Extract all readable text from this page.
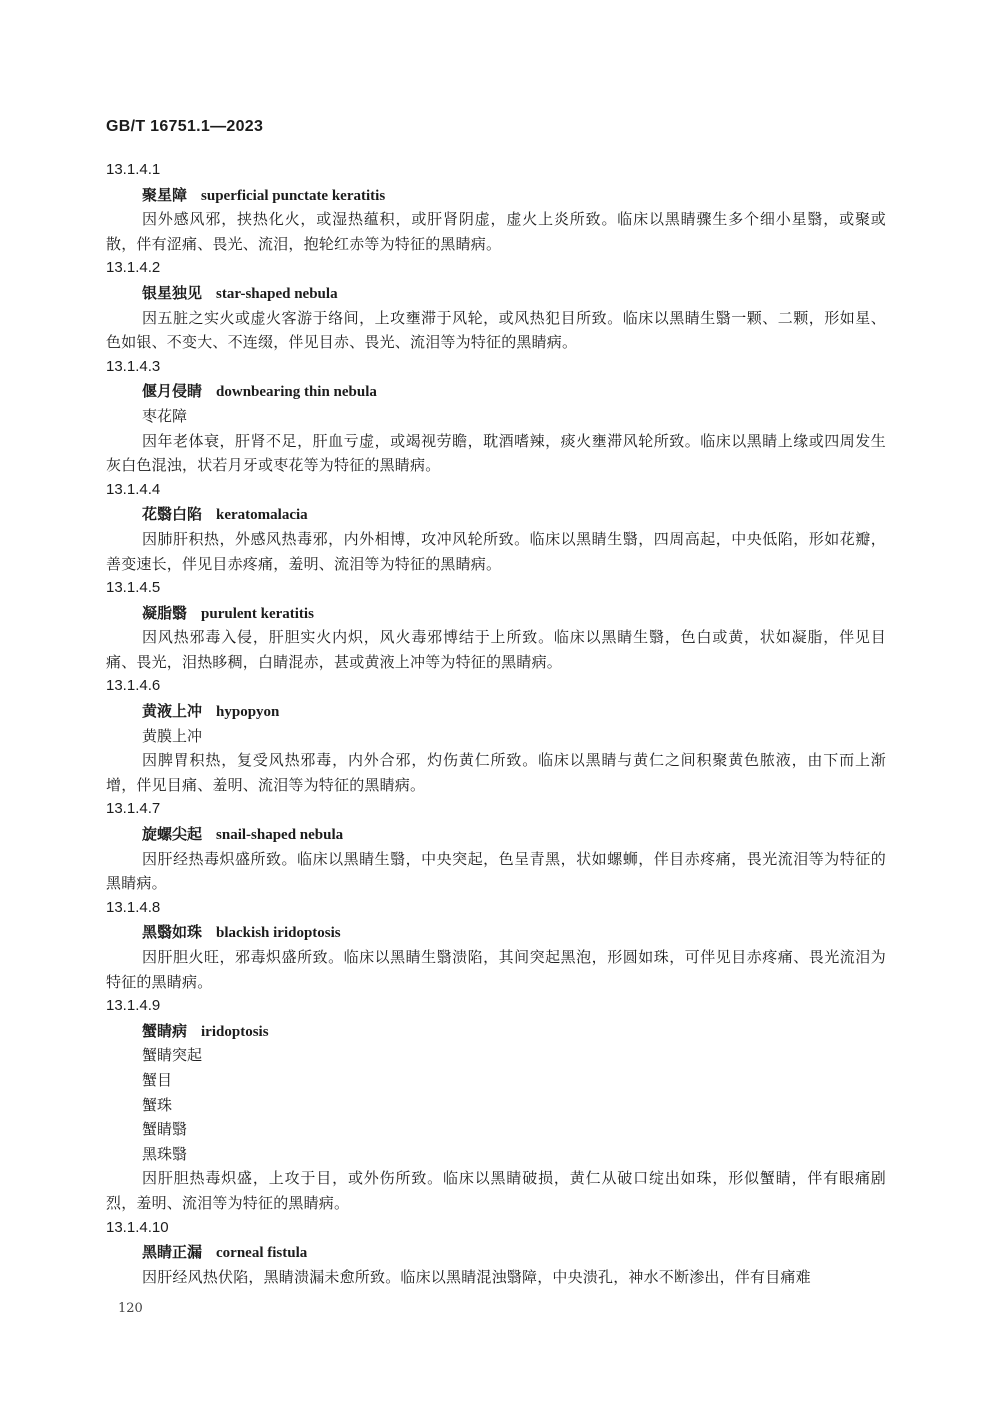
GB/T 16751.1—2023
13.1.4.1
聚星障 superficial punctate keratitis

因外感风邪，挟热化火，或湿热蕴积，或肝肾阴虚，虚火上炎所致。临床以黑睛骤生多个细小星翳，或聚或散，伴有涩痛、畏光、流泪，抱轮红赤等为特征的黑睛病。

13.1.4.2
银星独见 star-shaped nebula

因五脏之实火或虚火客游于络间，上攻壅滞于风轮，或风热犯目所致。临床以黑睛生翳一颗、二颗，形如星、色如银、不变大、不连缀，伴见目赤、畏光、流泪等为特征的黑睛病。

13.1.4.3
偃月侵睛 downbearing thin nebula
枣花障

因年老体衰，肝肾不足，肝血亏虚，或竭视劳瞻，耽酒嗜辣，痰火壅滞风轮所致。临床以黑睛上缘或四周发生灰白色混浊，状若月牙或枣花等为特征的黑睛病。

13.1.4.4
花翳白陷 keratomalacia

因肺肝积热，外感风热毒邪，内外相博，攻冲风轮所致。临床以黑睛生翳，四周高起，中央低陷，形如花瓣，善变速长，伴见目赤疼痛，羞明、流泪等为特征的黑睛病。

13.1.4.5
凝脂翳 purulent keratitis

因风热邪毒入侵，肝胆实火内炽，风火毒邪博结于上所致。临床以黑睛生翳，色白或黄，状如凝脂，伴见目痛、畏光，泪热眵稠，白睛混赤，甚或黄液上冲等为特征的黑睛病。

13.1.4.6
黄液上冲 hypopyon
黄膜上冲

因脾胃积热，复受风热邪毒，内外合邪，灼伤黄仁所致。临床以黑睛与黄仁之间积聚黄色脓液，由下而上渐增，伴见目痛、羞明、流泪等为特征的黑睛病。

13.1.4.7
旋螺尖起 snail-shaped nebula

因肝经热毒炽盛所致。临床以黑睛生翳，中央突起，色呈青黑，状如螺蛳，伴目赤疼痛，畏光流泪等为特征的黑睛病。

13.1.4.8
黑翳如珠 blackish iridoptosis

因肝胆火旺，邪毒炽盛所致。临床以黑睛生翳溃陷，其间突起黑泡，形圆如珠，可伴见目赤疼痛、畏光流泪为特征的黑睛病。

13.1.4.9
蟹睛病 iridoptosis
蟹睛突起
蟹目
蟹珠
蟹睛翳
黑珠翳

因肝胆热毒炽盛，上攻于目，或外伤所致。临床以黑睛破损，黄仁从破口绽出如珠，形似蟹睛，伴有眼痛剧烈，羞明、流泪等为特征的黑睛病。

13.1.4.10
黑睛正漏 corneal fistula

因肝经风热伏陷，黑睛溃漏未愈所致。临床以黑睛混浊翳障，中央溃孔，神水不断渗出，伴有目痛难

120
